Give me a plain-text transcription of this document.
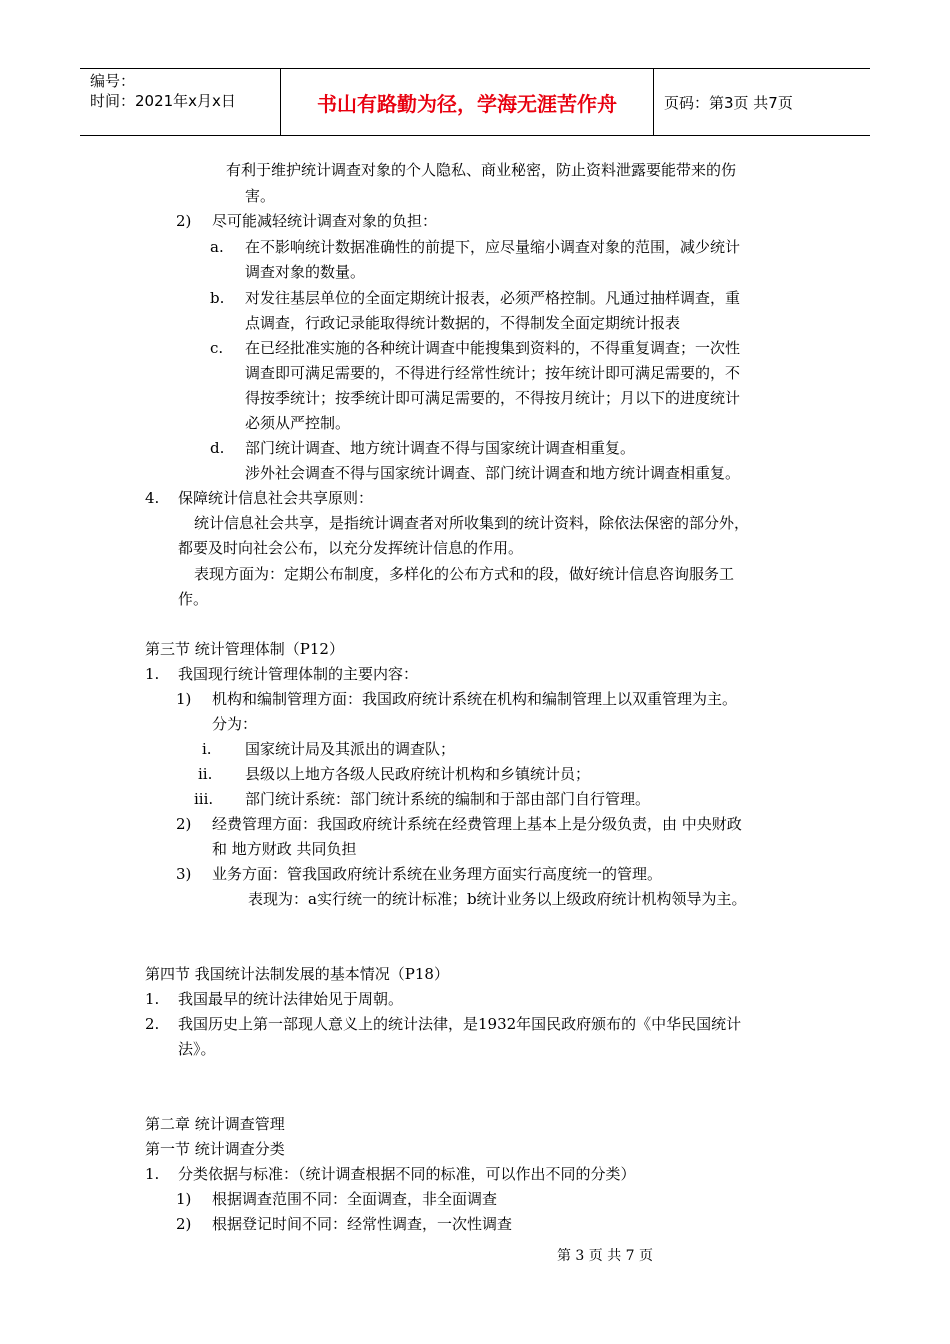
编号：
时间：2021年x月x日	书山有路勤为径，学海无涯苦作舟	页码：第3页 共7页
有利于维护统计调查对象的个人隐私、商业秘密，防止资料泄露要能带来的伤
害。
2) 尽可能减轻统计调查对象的负担：
a. 在不影响统计数据准确性的前提下，应尽量缩小调查对象的范围，减少统计
调查对象的数量。
b. 对发往基层单位的全面定期统计报表，必须严格控制。凡通过抽样调查，重
点调查，行政记录能取得统计数据的，不得制发全面定期统计报表
c. 在已经批准实施的各种统计调查中能搜集到资料的，不得重复调查；一次性
调查即可满足需要的，不得进行经常性统计；按年统计即可满足需要的，不
得按季统计；按季统计即可满足需要的，不得按月统计；月以下的进度统计
必须从严控制。
d. 部门统计调查、地方统计调查不得与国家统计调查相重复。
涉外社会调查不得与国家统计调查、部门统计调查和地方统计调查相重复。
4. 保障统计信息社会共享原则：
统计信息社会共享，是指统计调查者对所收集到的统计资料，除依法保密的部分外，
都要及时向社会公布，以充分发挥统计信息的作用。
表现方面为：定期公布制度，多样化的公布方式和的段，做好统计信息咨询服务工
作。
第三节 统计管理体制（P12）
1. 我国现行统计管理体制的主要内容：
1) 机构和编制管理方面：我国政府统计系统在机构和编制管理上以双重管理为主。
分为：
i. 国家统计局及其派出的调查队；
ii. 县级以上地方各级人民政府统计机构和乡镇统计员；
iii. 部门统计系统：部门统计系统的编制和于部由部门自行管理。
2) 经费管理方面：我国政府统计系统在经费管理上基本上是分级负责，由 中央财政
和 地方财政 共同负担
3) 业务方面：管我国政府统计系统在业务理方面实行高度统一的管理。
表现为：a实行统一的统计标准；b统计业务以上级政府统计机构领导为主。
第四节 我国统计法制发展的基本情况（P18）
1. 我国最早的统计法律始见于周朝。
2. 我国历史上第一部现人意义上的统计法律，是1932年国民政府颁布的《中华民国统计
法》。
第二章 统计调查管理
第一节 统计调查分类
1. 分类依据与标准：（统计调查根据不同的标准，可以作出不同的分类）
1) 根据调查范围不同：全面调查，非全面调查
2) 根据登记时间不同：经常性调查，一次性调查
第 3 页 共 7 页
